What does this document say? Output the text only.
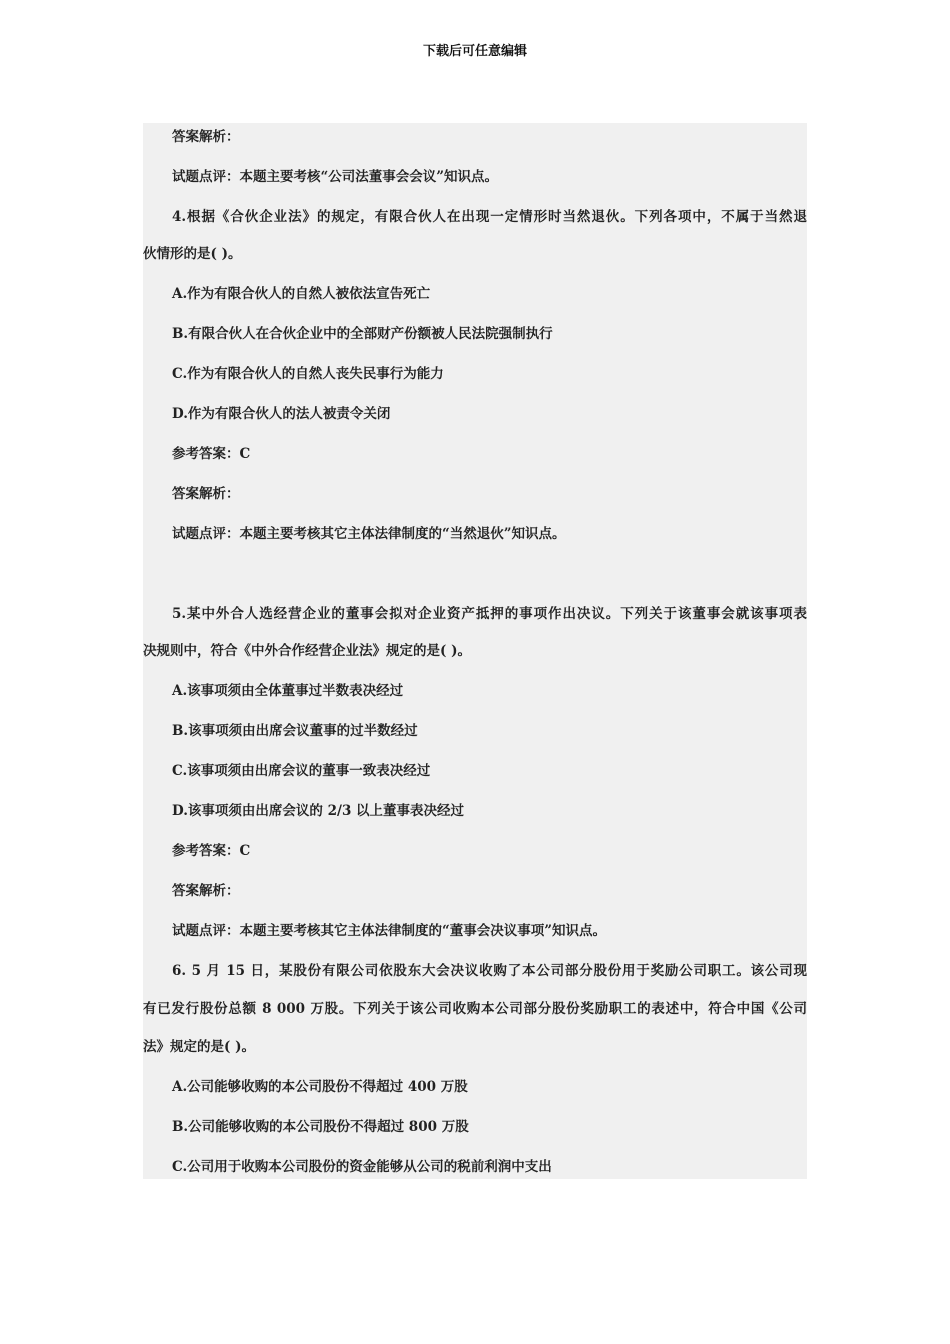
下载后可任意编辑
答案解析：
试题点评：本题主要考核“公司法董事会会议”知识点。
4.根据《合伙企业法》的规定，有限合伙人在出现一定情形时当然退伙。下列各项中，不属于当然退
伙情形的是( )。
A.作为有限合伙人的自然人被依法宣告死亡
B.有限合伙人在合伙企业中的全部财产份额被人民法院强制执行
C.作为有限合伙人的自然人丧失民事行为能力
D.作为有限合伙人的法人被责令关闭
参考答案：C
答案解析：
试题点评：本题主要考核其它主体法律制度的“当然退伙”知识点。
5.某中外合人选经营企业的董事会拟对企业资产抵押的事项作出决议。下列关于该董事会就该事项表
决规则中，符合《中外合作经营企业法》规定的是( )。
A.该事项须由全体董事过半数表决经过
B.该事项须由出席会议董事的过半数经过
C.该事项须由出席会议的董事一致表决经过
D.该事项须由出席会议的 2/3 以上董事表决经过
参考答案：C
答案解析：
试题点评：本题主要考核其它主体法律制度的“董事会决议事项”知识点。
6. 5 月 15 日，某股份有限公司依股东大会决议收购了本公司部分股份用于奖励公司职工。该公司现
有已发行股份总额 8 000 万股。下列关于该公司收购本公司部分股份奖励职工的表述中，符合中国《公司
法》规定的是( )。
A.公司能够收购的本公司股份不得超过 400 万股
B.公司能够收购的本公司股份不得超过 800 万股
C.公司用于收购本公司股份的资金能够从公司的税前利润中支出
